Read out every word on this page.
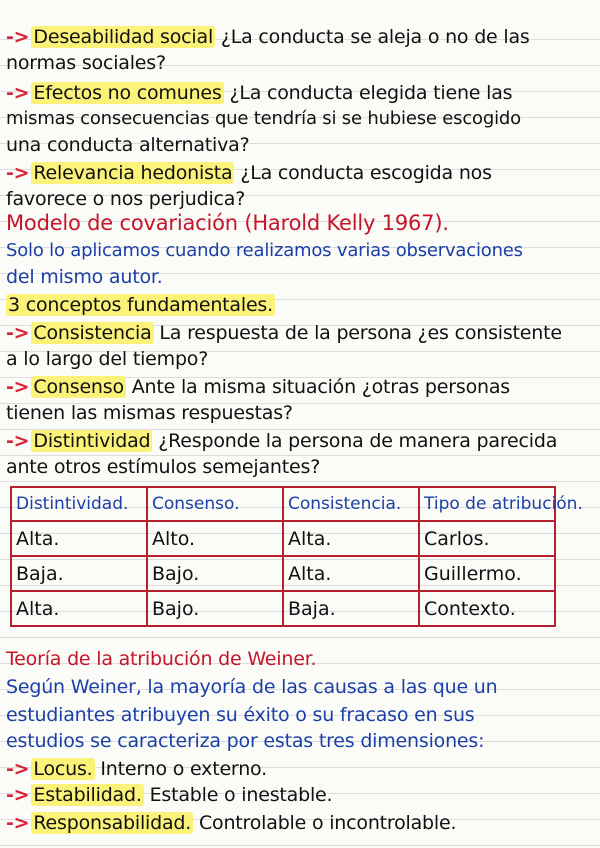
-> Deseabilidad social ¿La conducta se aleja o no de las
normas sociales?
-> Efectos no comunes ¿La conducta elegida tiene las
mismas consecuencias que tendría si se hubiese escogido
una conducta alternativa?
-> Relevancia hedonista ¿La conducta escogida nos
favorece o nos perjudica?
Modelo de covariación (Harold Kelly 1967).
Solo lo aplicamos cuando realizamos varias observaciones
del mismo autor.
3 conceptos fundamentales.
-> Consistencia La respuesta de la persona ¿es consistente
a lo largo del tiempo?
-> Consenso Ante la misma situación ¿otras personas
tienen las mismas respuestas?
-> Distintividad ¿Responde la persona de manera parecida
ante otros estímulos semejantes?
Distintividad.	Consenso.	Consistencia.	Tipo de atribución.
Alta.	Alto.	Alta.	Carlos.
Baja.	Bajo.	Alta.	Guillermo.
Alta.	Bajo.	Baja.	Contexto.
Teoría de la atribución de Weiner.
Según Weiner, la mayoría de las causas a las que un
estudiantes atribuyen su éxito o su fracaso en sus
estudios se caracteriza por estas tres dimensiones:
-> Locus. Interno o externo.
-> Estabilidad. Estable o inestable.
-> Responsabilidad. Controlable o incontrolable.
